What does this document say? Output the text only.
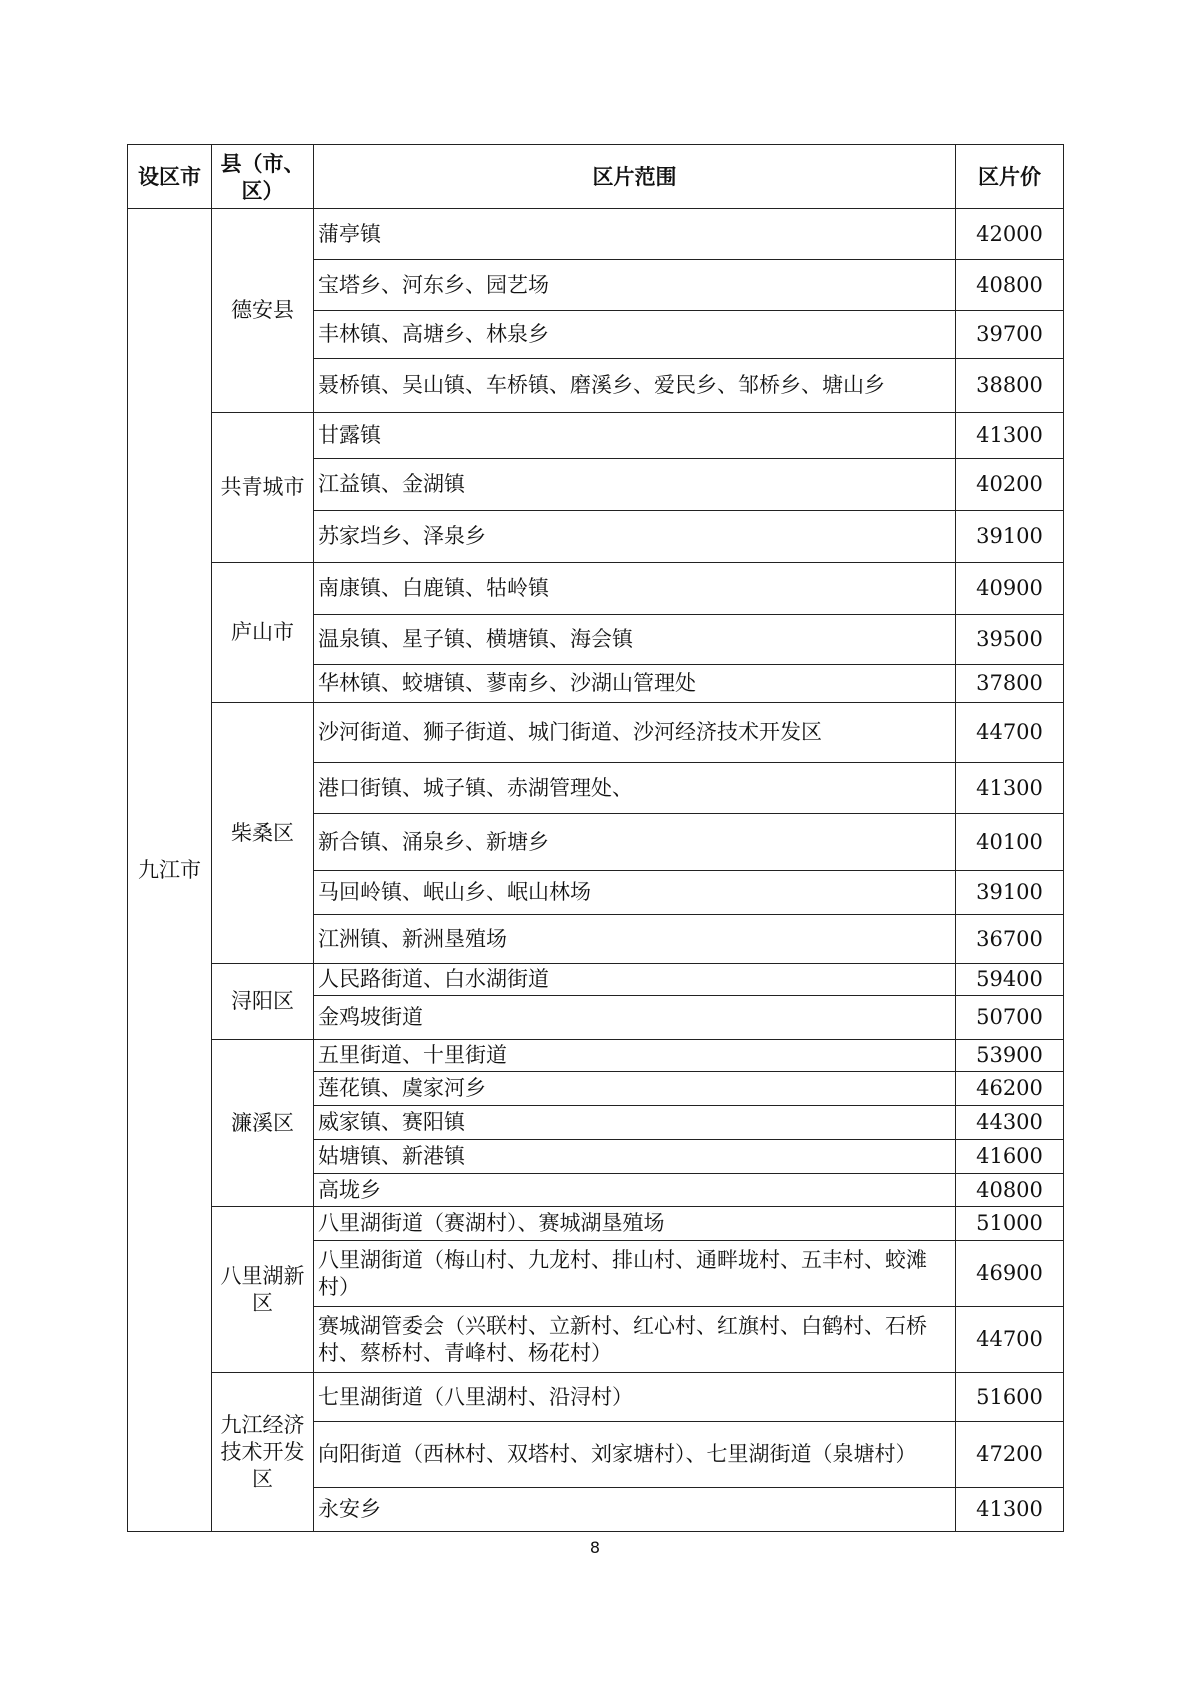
设区市	县（市、区）	区片范围	区片价
九江市	德安县	蒲亭镇	42000
		宝塔乡、河东乡、园艺场	40800
		丰林镇、高塘乡、林泉乡	39700
		聂桥镇、吴山镇、车桥镇、磨溪乡、爱民乡、邹桥乡、塘山乡	38800
	共青城市	甘露镇	41300
		江益镇、金湖镇	40200
		苏家垱乡、泽泉乡	39100
	庐山市	南康镇、白鹿镇、牯岭镇	40900
		温泉镇、星子镇、横塘镇、海会镇	39500
		华林镇、蛟塘镇、蓼南乡、沙湖山管理处	37800
	柴桑区	沙河街道、狮子街道、城门街道、沙河经济技术开发区	44700
		港口街镇、城子镇、赤湖管理处、	41300
		新合镇、涌泉乡、新塘乡	40100
		马回岭镇、岷山乡、岷山林场	39100
		江洲镇、新洲垦殖场	36700
	浔阳区	人民路街道、白水湖街道	59400
		金鸡坡街道	50700
	濂溪区	五里街道、十里街道	53900
		莲花镇、虞家河乡	46200
		威家镇、赛阳镇	44300
		姑塘镇、新港镇	41600
		高垅乡	40800
	八里湖新区	八里湖街道（赛湖村）、赛城湖垦殖场	51000
		八里湖街道（梅山村、九龙村、排山村、通畔垅村、五丰村、蛟滩村）	46900
		赛城湖管委会（兴联村、立新村、红心村、红旗村、白鹤村、石桥村、蔡桥村、青峰村、杨花村）	44700
	九江经济技术开发区	七里湖街道（八里湖村、沿浔村）	51600
		向阳街道（西林村、双塔村、刘家塘村）、七里湖街道（泉塘村）	47200
		永安乡	41300
8
